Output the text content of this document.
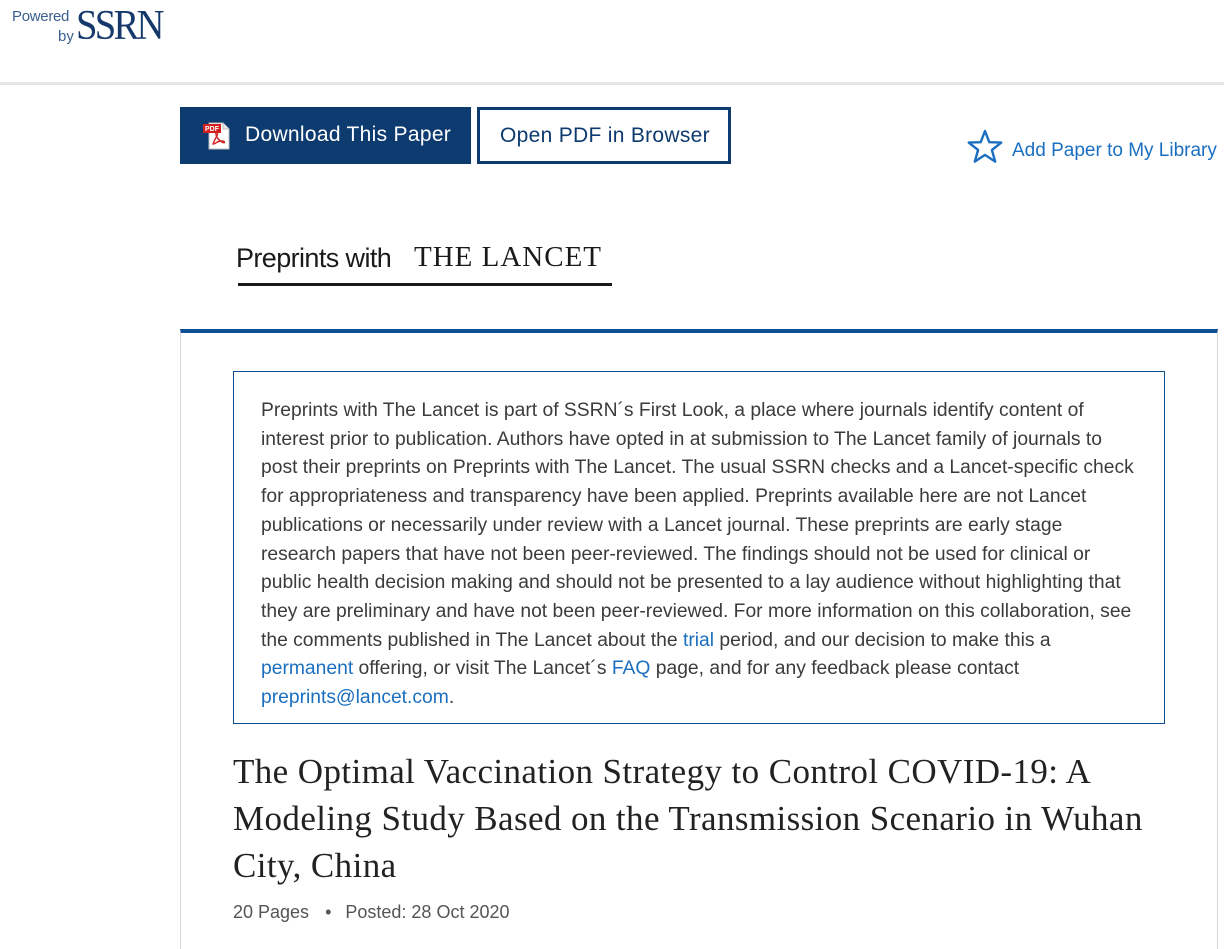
Powered
by SSRN
PDF Download This Paper Open PDF in Browser
Add Paper to My Library
Preprints with THE LANCET

Preprints with The Lancet is part of SSRN´s First Look, a place where journals identify content of interest prior to publication. Authors have opted in at submission to The Lancet family of journals to post their preprints on Preprints with The Lancet. The usual SSRN checks and a Lancet-specific check for appropriateness and transparency have been applied. Preprints available here are not Lancet publications or necessarily under review with a Lancet journal. These preprints are early stage research papers that have not been peer-reviewed. The findings should not be used for clinical or public health decision making and should not be presented to a lay audience without highlighting that they are preliminary and have not been peer-reviewed. For more information on this collaboration, see the comments published in The Lancet about the trial period, and our decision to make this a permanent offering, or visit The Lancet´s FAQ page, and for any feedback please contact preprints@lancet.com.

The Optimal Vaccination Strategy to Control COVID-19: A Modeling Study Based on the Transmission Scenario in Wuhan City, China
20 Pages • Posted: 28 Oct 2020
